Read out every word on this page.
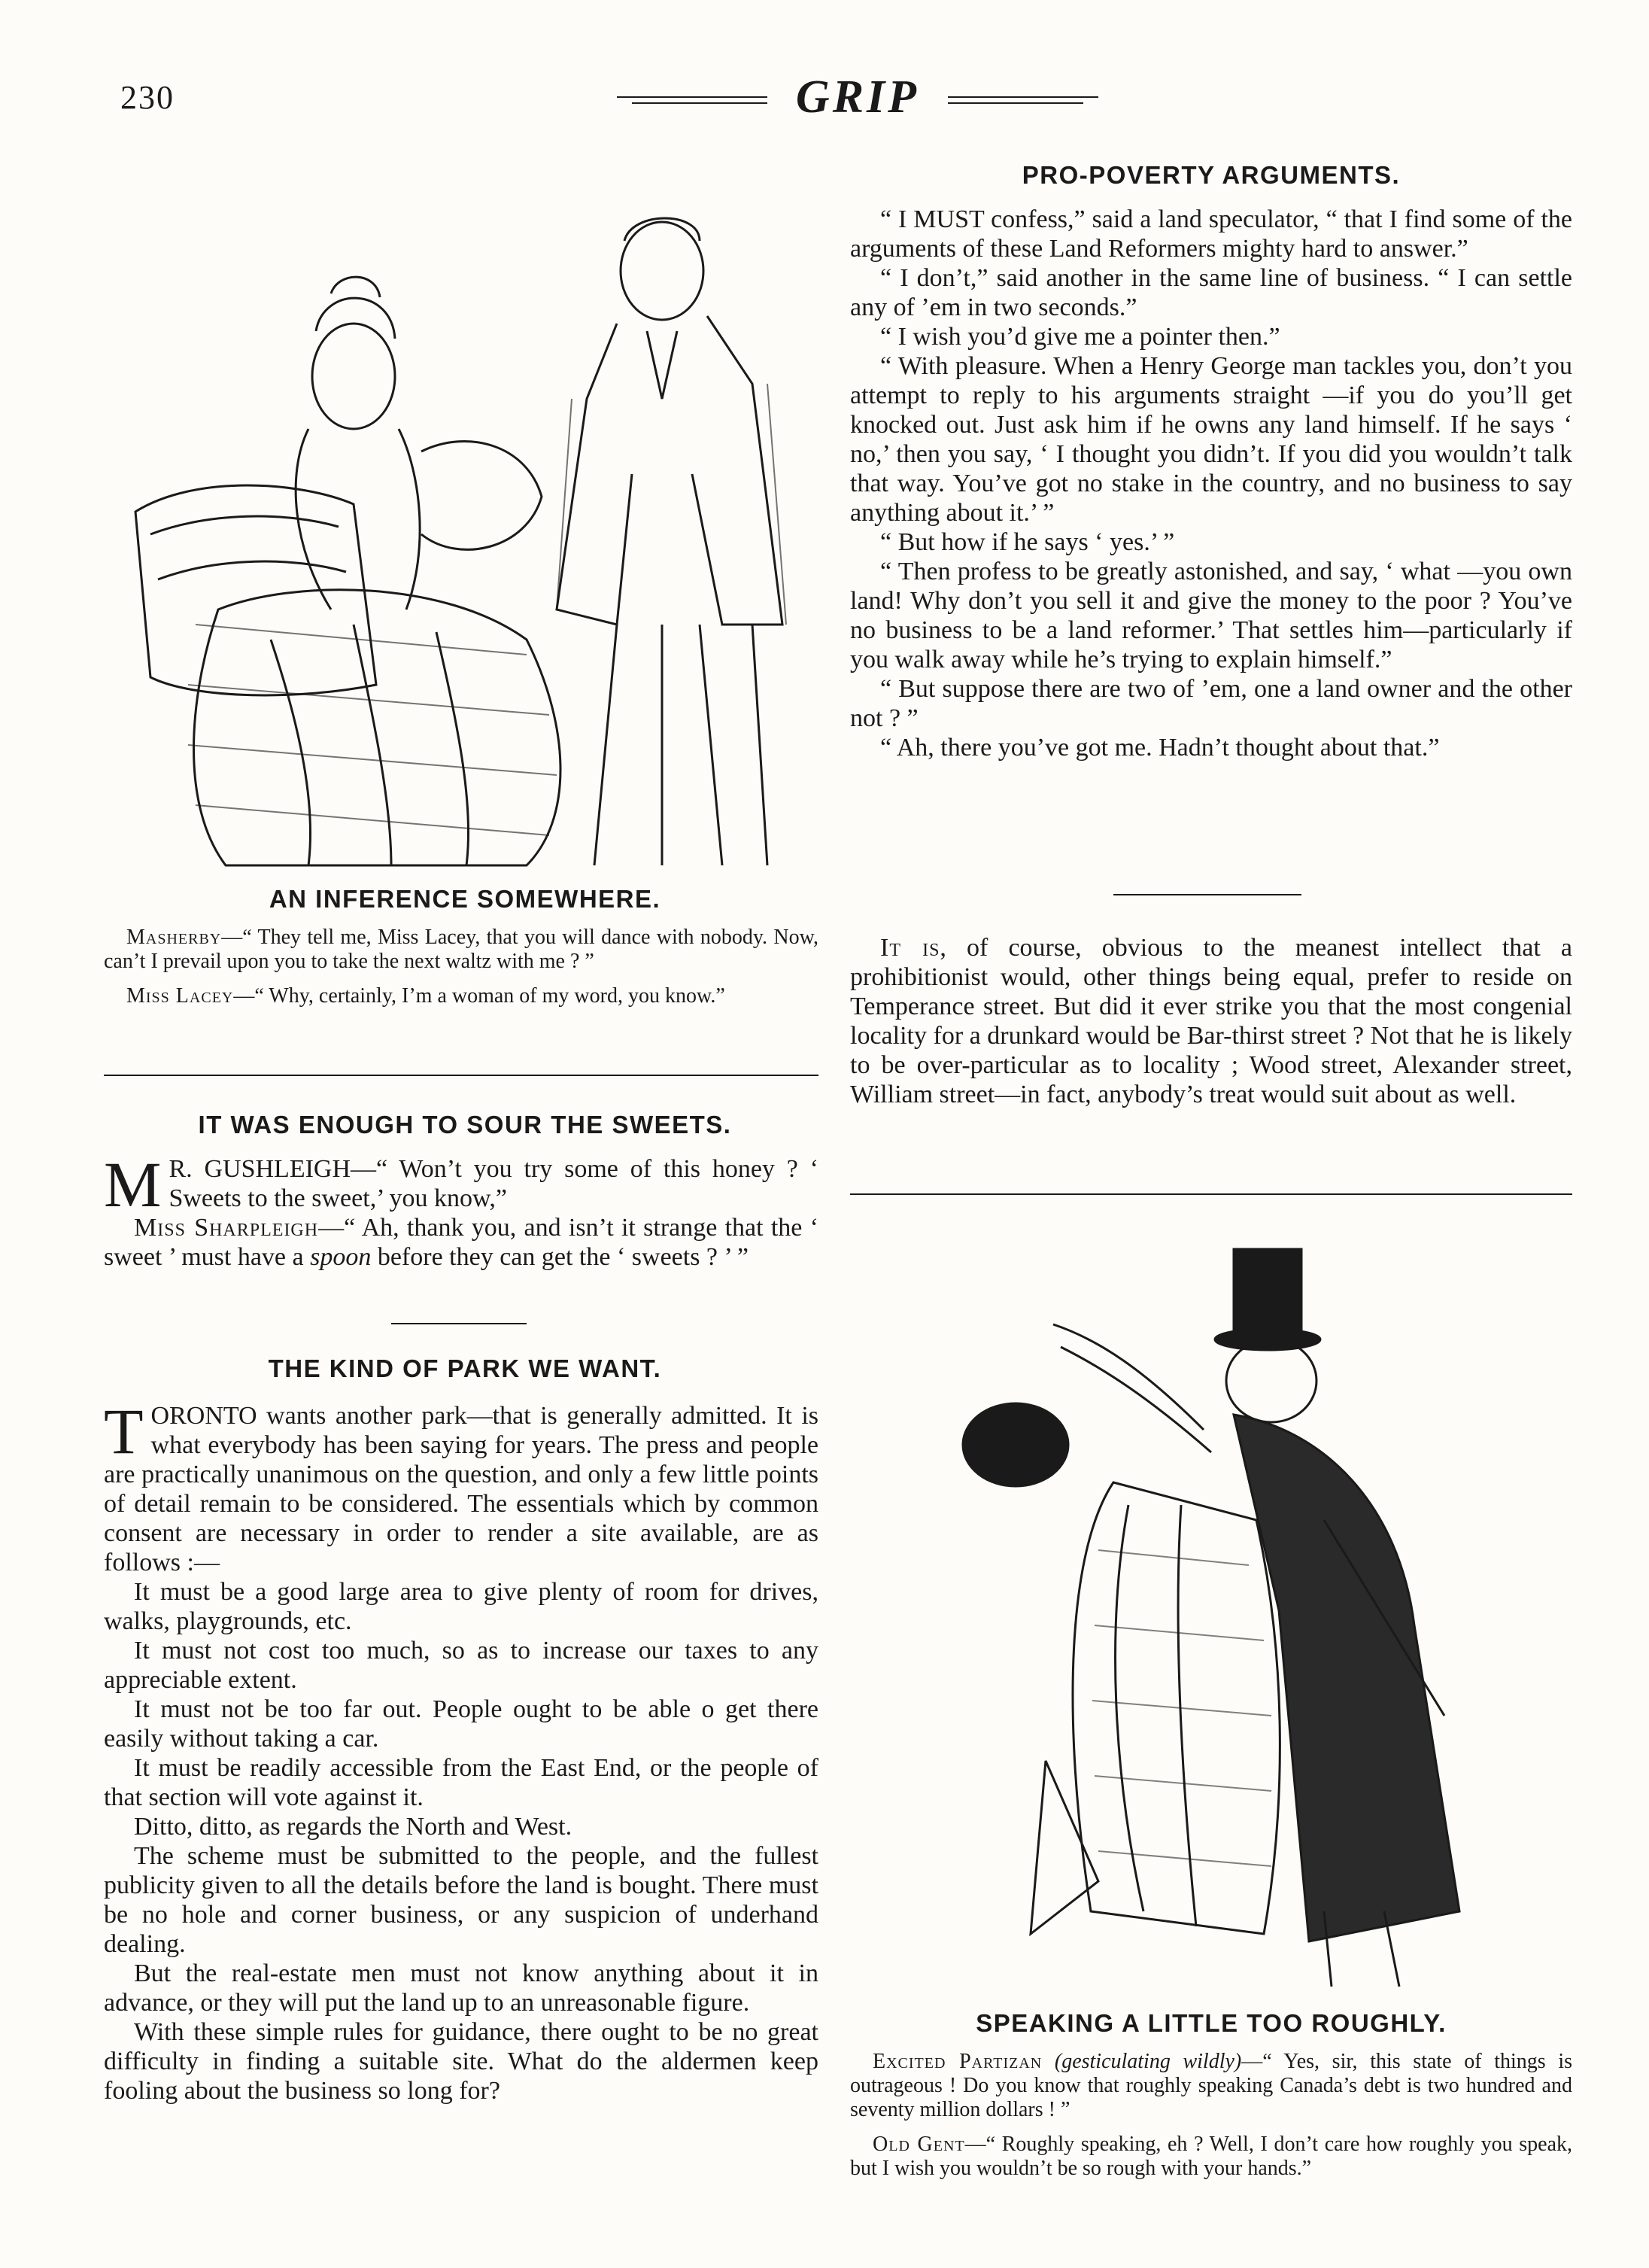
230	GRIP
AN INFERENCE SOMEWHERE.

Masherby—“ They tell me, Miss Lacey, that you will dance with nobody. Now, can’t I prevail upon you to take the next waltz with me ? ”

Miss Lacey—“ Why, certainly, I’m a woman of my word, you know.”

IT WAS ENOUGH TO SOUR THE SWEETS.

M R. GUSHLEIGH—“ Won’t you try some of this honey ? ‘ Sweets to the sweet,’ you know,”

Miss Sharpleigh—“ Ah, thank you, and isn’t it strange that the ‘ sweet ’ must have a spoon before they can get the ‘ sweets ? ’ ”

THE KIND OF PARK WE WANT.

TORONTO wants another park—that is generally admitted. It is what everybody has been saying for years. The press and people are practically unanimous on the question, and only a few little points of detail remain to be considered. The essentials which by common consent are necessary in order to render a site available, are as follows :—

It must be a good large area to give plenty of room for drives, walks, playgrounds, etc.

It must not cost too much, so as to increase our taxes to any appreciable extent.

It must not be too far out. People ought to be able o get there easily without taking a car.

It must be readily accessible from the East End, or the people of that section will vote against it.

Ditto, ditto, as regards the North and West.

The scheme must be submitted to the people, and the fullest publicity given to all the details before the land is bought. There must be no hole and corner business, or any suspicion of underhand dealing.

But the real-estate men must not know anything about it in advance, or they will put the land up to an unreasonable figure.

With these simple rules for guidance, there ought to be no great difficulty in finding a suitable site. What do the aldermen keep fooling about the business so long for?

PRO-POVERTY ARGUMENTS.

“ I MUST confess,” said a land speculator, “ that I find some of the arguments of these Land Reformers mighty hard to answer.”

“ I don’t,” said another in the same line of business. “ I can settle any of ’em in two seconds.”

“ I wish you’d give me a pointer then.”

“ With pleasure. When a Henry George man tackles you, don’t you attempt to reply to his arguments straight —if you do you’ll get knocked out. Just ask him if he owns any land himself. If he says ‘ no,’ then you say, ‘ I thought you didn’t. If you did you wouldn’t talk that way. You’ve got no stake in the country, and no business to say anything about it.’ ”

“ But how if he says ‘ yes.’ ”

“ Then profess to be greatly astonished, and say, ‘ what —you own land! Why don’t you sell it and give the money to the poor ? You’ve no business to be a land reformer.’ That settles him—particularly if you walk away while he’s trying to explain himself.”

“ But suppose there are two of ’em, one a land owner and the other not ? ”

“ Ah, there you’ve got me. Hadn’t thought about that.”

It is, of course, obvious to the meanest intellect that a prohibitionist would, other things being equal, prefer to reside on Temperance street. But did it ever strike you that the most congenial locality for a drunkard would be Bar-thirst street ? Not that he is likely to be over-particular as to locality ; Wood street, Alexander street, William street—in fact, anybody’s treat would suit about as well.

SPEAKING A LITTLE TOO ROUGHLY.

Excited Partizan (gesticulating wildly)—“ Yes, sir, this state of things is outrageous ! Do you know that roughly speaking Canada’s debt is two hundred and seventy million dollars ! ”

Old Gent—“ Roughly speaking, eh ? Well, I don’t care how roughly you speak, but I wish you wouldn’t be so rough with your hands.”
